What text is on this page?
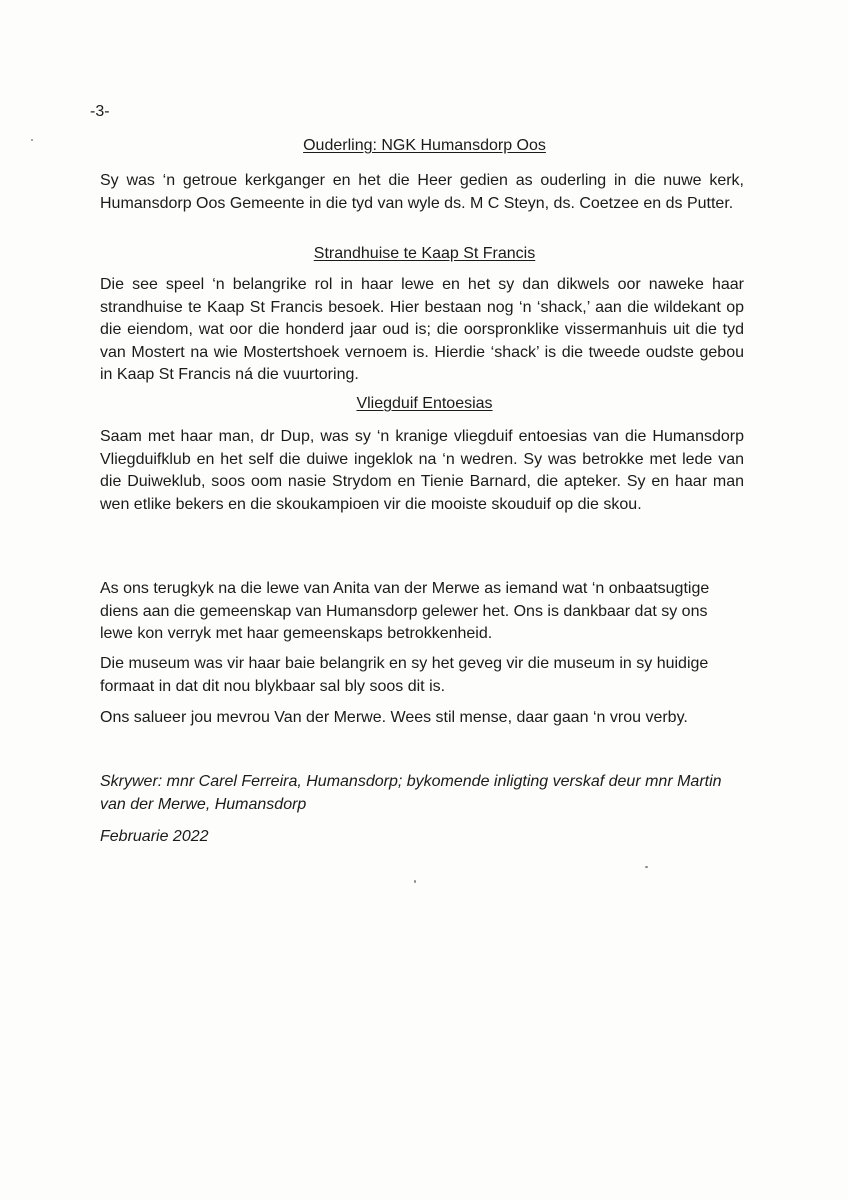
-3-
Ouderling: NGK Humansdorp Oos

Sy was ‘n getroue kerkganger en het die Heer gedien as ouderling in die nuwe kerk, Humansdorp Oos Gemeente in die tyd van wyle ds. M C Steyn, ds. Coetzee en ds Putter.

Strandhuise te Kaap St Francis

Die see speel ‘n belangrike rol in haar lewe en het sy dan dikwels oor naweke haar strandhuise te Kaap St Francis besoek. Hier bestaan nog ‘n ‘shack,’ aan die wildekant op die eiendom, wat oor die honderd jaar oud is; die oorspronklike vissermanhuis uit die tyd van Mostert na wie Mostertshoek vernoem is. Hierdie ‘shack’ is die tweede oudste gebou in Kaap St Francis ná die vuurtoring.

Vliegduif Entoesias

Saam met haar man, dr Dup, was sy ‘n kranige vliegduif entoesias van die Humansdorp Vliegduifklub en het self die duiwe ingeklok na ‘n wedren. Sy was betrokke met lede van die Duiweklub, soos oom nasie Strydom en Tienie Barnard, die apteker. Sy en haar man wen etlike bekers en die skoukampioen vir die mooiste skouduif op die skou.

As ons terugkyk na die lewe van Anita van der Merwe as iemand wat ‘n onbaatsugtige diens aan die gemeenskap van Humansdorp gelewer het. Ons is dankbaar dat sy ons lewe kon verryk met haar gemeenskaps betrokkenheid.

Die museum was vir haar baie belangrik en sy het geveg vir die museum in sy huidige formaat in dat dit nou blykbaar sal bly soos dit is.

Ons salueer jou mevrou Van der Merwe. Wees stil mense, daar gaan ‘n vrou verby.

Skrywer: mnr Carel Ferreira, Humansdorp; bykomende inligting verskaf deur mnr Martin van der Merwe, Humansdorp

Februarie 2022
